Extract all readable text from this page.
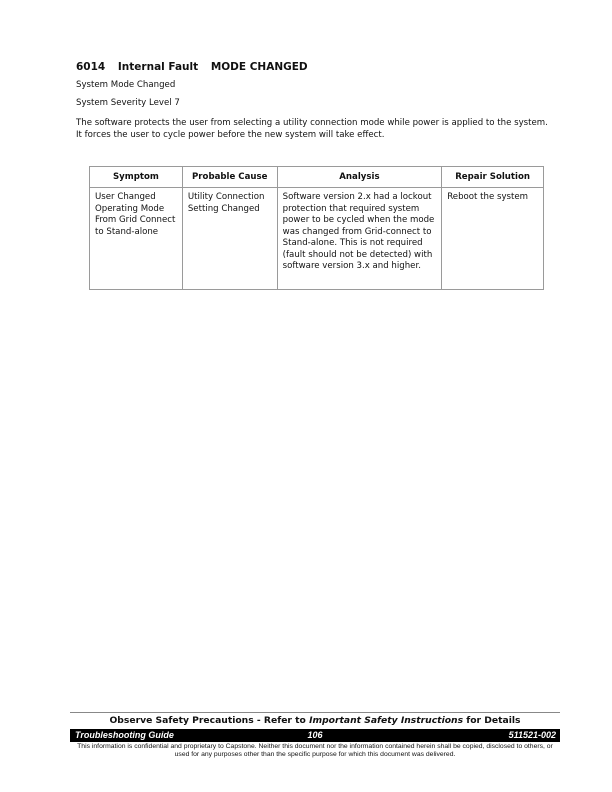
6014 Internal Fault MODE CHANGED
System Mode Changed
System Severity Level 7
The software protects the user from selecting a utility connection mode while power is applied to the system. It forces the user to cycle power before the new system will take effect.
Symptom	Probable Cause	Analysis	Repair Solution
User Changed Operating Mode From Grid Connect to Stand-alone	Utility Connection Setting Changed	Software version 2.x had a lockout protection that required system power to be cycled when the mode was changed from Grid-connect to Stand-alone. This is not required (fault should not be detected) with software version 3.x and higher.	Reboot the system
Observe Safety Precautions - Refer to Important Safety Instructions for Details
106
Troubleshooting Guide	511521-002
This information is confidential and proprietary to Capstone. Neither this document nor the information contained herein shall be copied, disclosed to others, or used for any purposes other than the specific purpose for which this document was delivered.
